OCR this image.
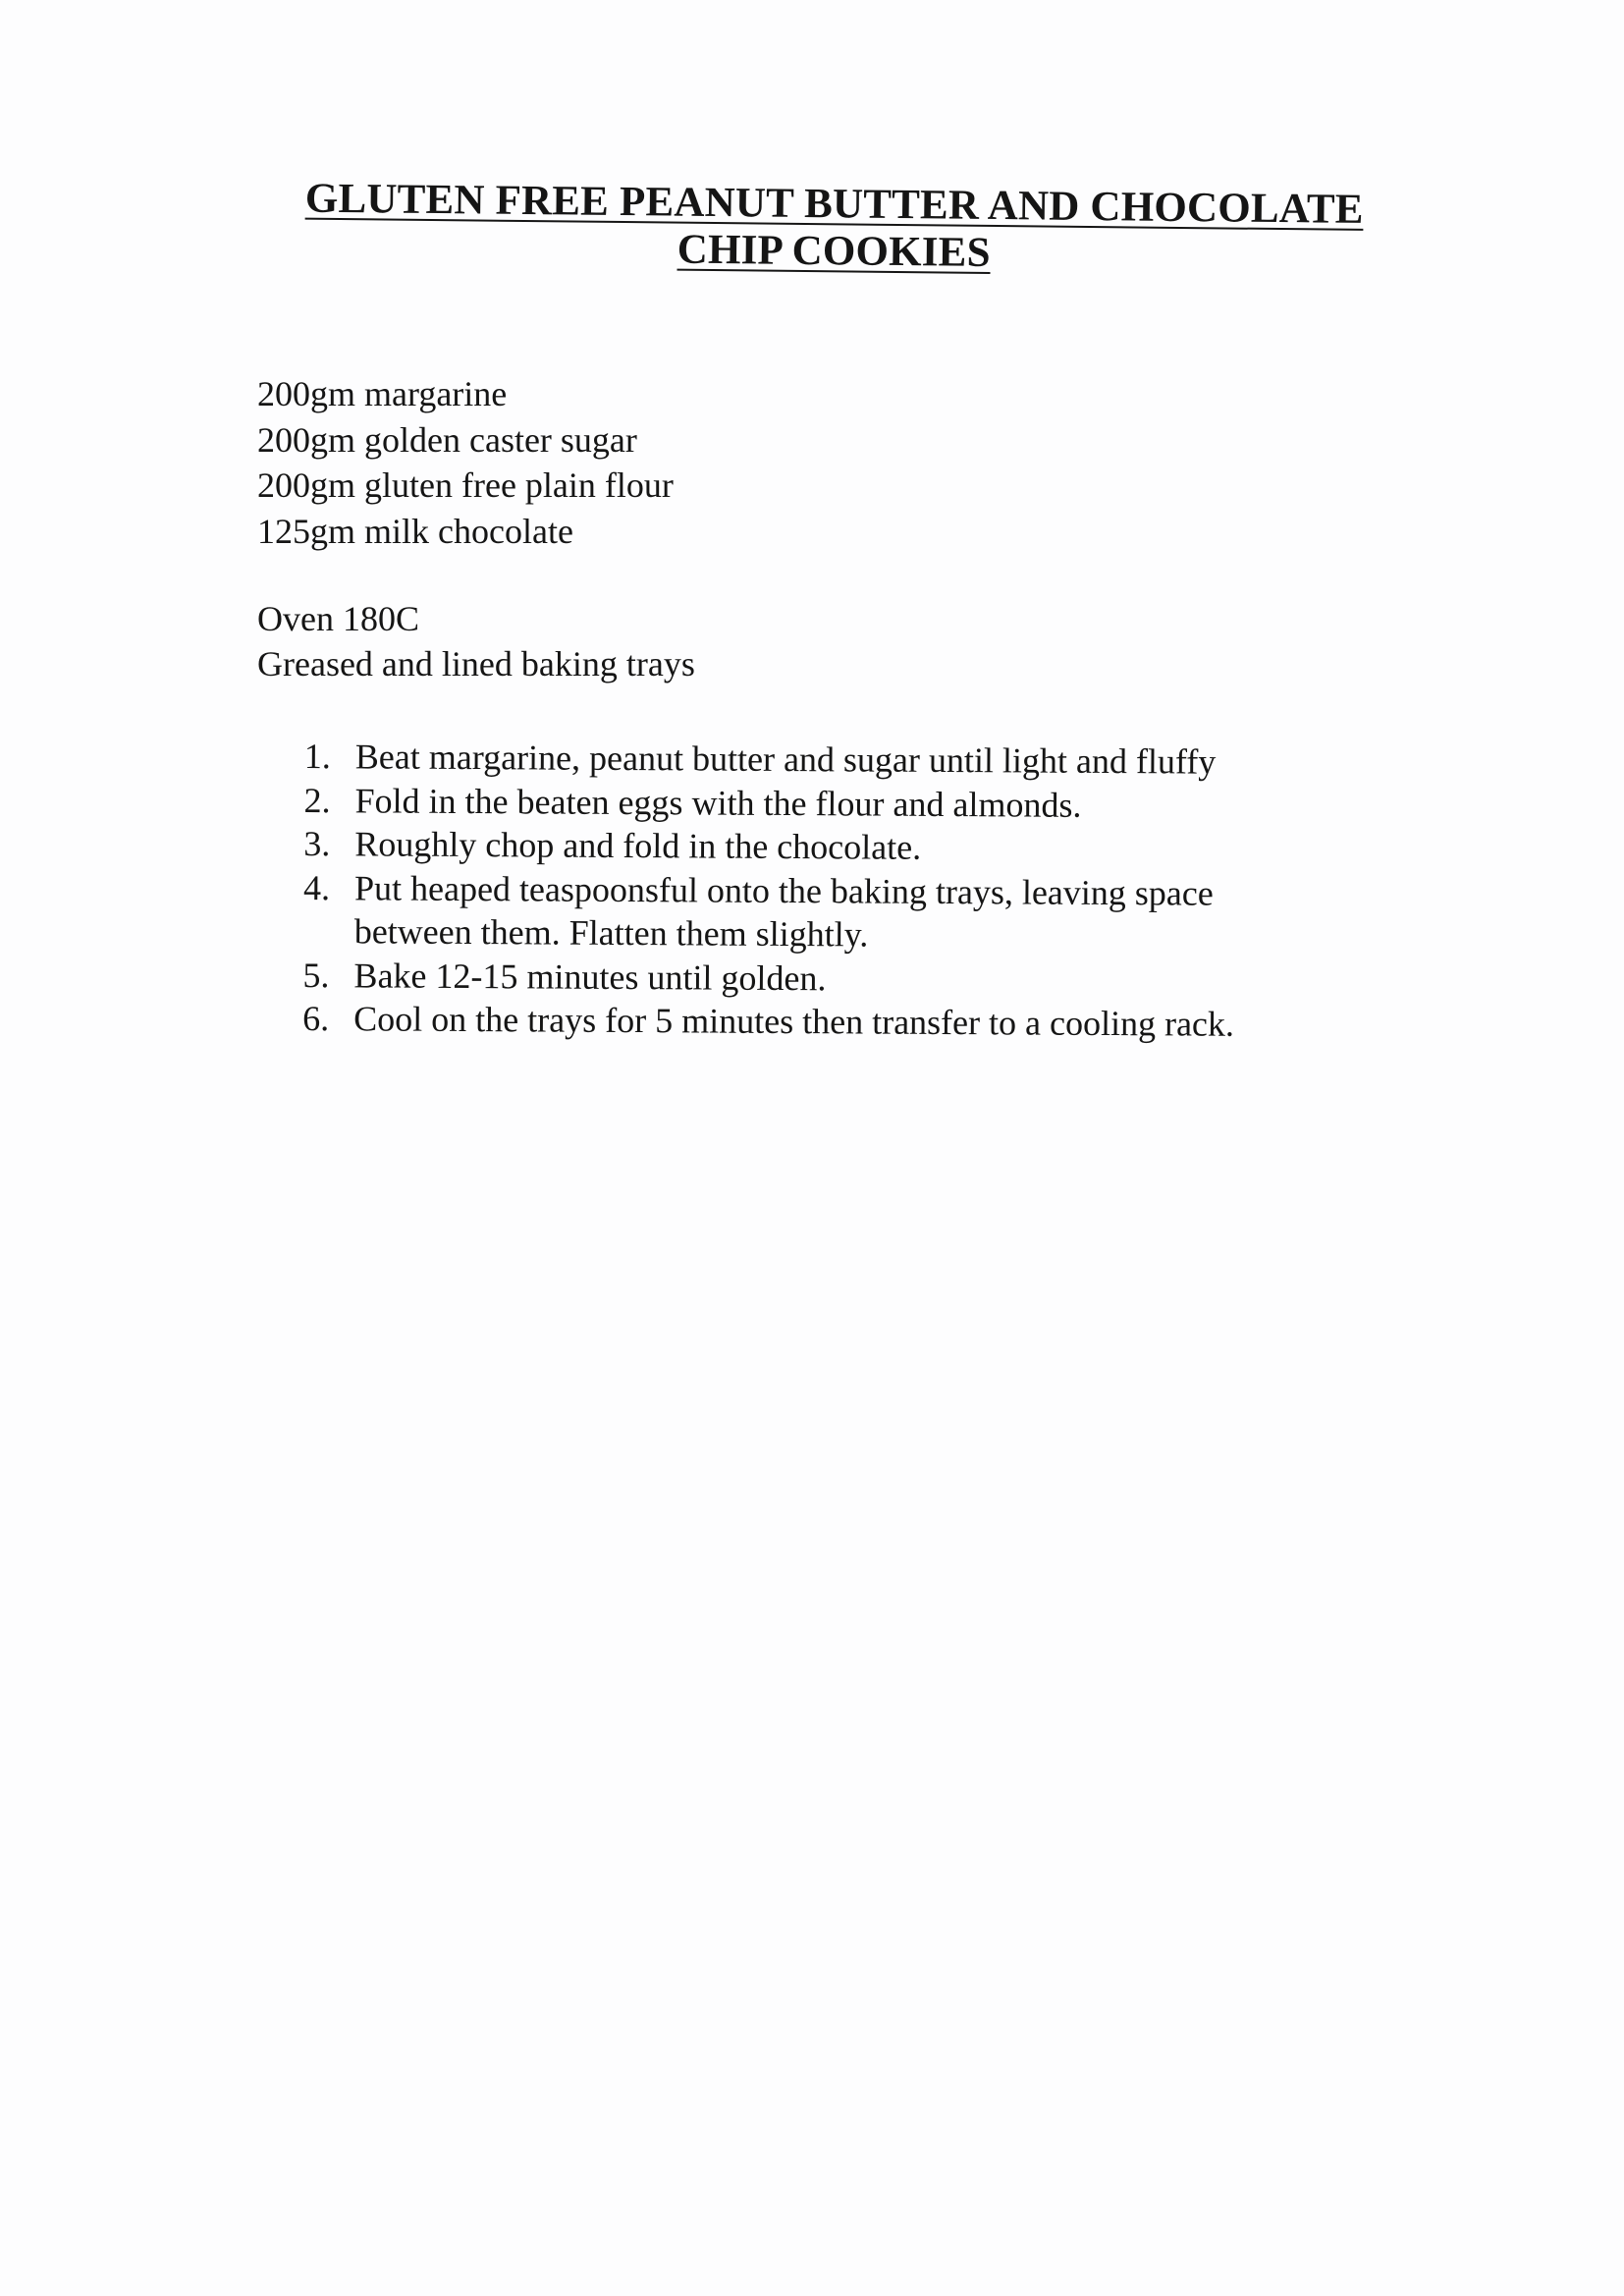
GLUTEN FREE PEANUT BUTTER AND CHOCOLATE
CHIP COOKIES
200gm margarine
200gm golden caster sugar
200gm gluten free plain flour
125gm milk chocolate
Oven 180C
Greased and lined baking trays
1. Beat margarine, peanut butter and sugar until light and fluffy
2. Fold in the beaten eggs with the flour and almonds.
3. Roughly chop and fold in the chocolate.
4. Put heaped teaspoonsful onto the baking trays, leaving space between them. Flatten them slightly.
5. Bake 12-15 minutes until golden.
6. Cool on the trays for 5 minutes then transfer to a cooling rack.
